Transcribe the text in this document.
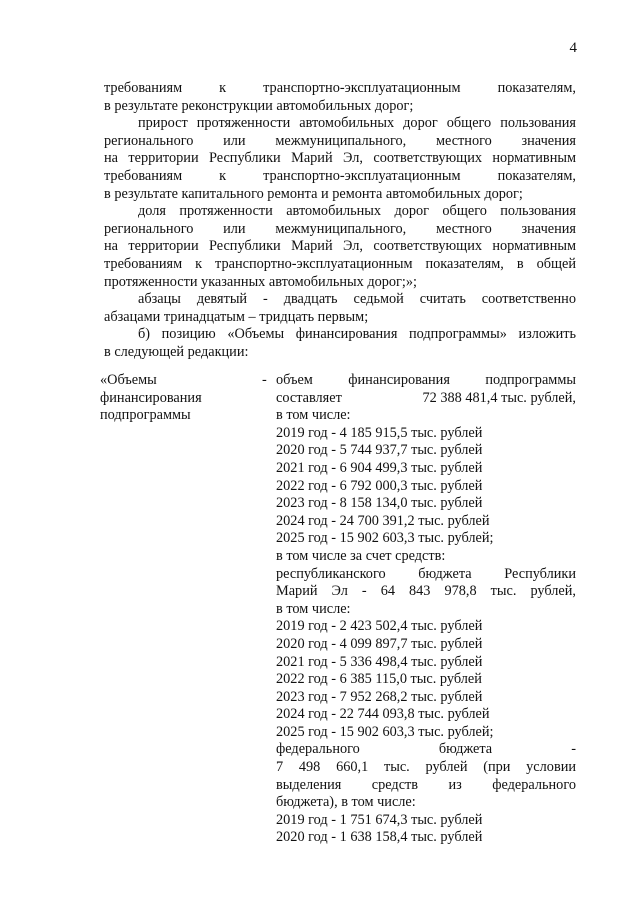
4

требованиям к транспортно-эксплуатационным показателям,

в результате реконструкции автомобильных дорог;

прирост протяженности автомобильных дорог общего пользования

регионального или межмуниципального, местного значения

на территории Республики Марий Эл, соответствующих нормативным

требованиям к транспортно-эксплуатационным показателям,

в результате капитального ремонта и ремонта автомобильных дорог;

доля протяженности автомобильных дорог общего пользования

регионального или межмуниципального, местного значения

на территории Республики Марий Эл, соответствующих нормативным

требованиям к транспортно-эксплуатационным показателям, в общей

протяженности указанных автомобильных дорог;»;

абзацы девятый - двадцать седьмой считать соответственно

абзацами тринадцатым – тридцать первым;

б) позицию «Объемы финансирования подпрограммы» изложить

в следующей редакции:

«Объемы
финансирования
подпрограммы
- объем финансирования подпрограммы
составляет	72 388 481,4 тыс. рублей,
в том числе:
2019 год - 4 185 915,5 тыс. рублей
2020 год - 5 744 937,7 тыс. рублей
2021 год - 6 904 499,3 тыс. рублей
2022 год - 6 792 000,3 тыс. рублей
2023 год - 8 158 134,0 тыс. рублей
2024 год - 24 700 391,2 тыс. рублей
2025 год - 15 902 603,3 тыс. рублей;
в том числе за счет средств:
республиканского бюджета Республики
Марий Эл - 64 843 978,8 тыс. рублей,
в том числе:
2019 год - 2 423 502,4 тыс. рублей
2020 год - 4 099 897,7 тыс. рублей
2021 год - 5 336 498,4 тыс. рублей
2022 год - 6 385 115,0 тыс. рублей
2023 год - 7 952 268,2 тыс. рублей
2024 год - 22 744 093,8 тыс. рублей
2025 год - 15 902 603,3 тыс. рублей;
федерального бюджета -
7 498 660,1 тыс. рублей (при условии
выделения средств из федерального
бюджета), в том числе:
2019 год - 1 751 674,3 тыс. рублей
2020 год - 1 638 158,4 тыс. рублей
